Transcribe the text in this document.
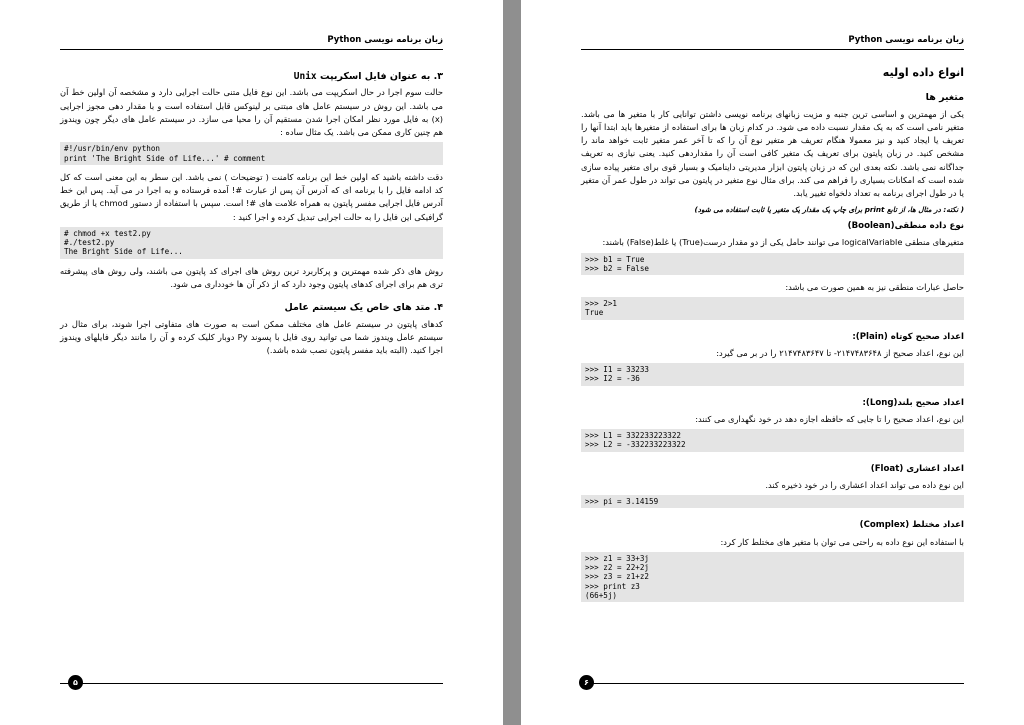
زبان برنامه نویسی Python
۳. به عنوان فایل اسکریپت Unix

حالت سوم اجرا در حال اسکریپت می باشد. این نوع فایل متنی حالت اجرایی دارد و مشخصه آن اولین خط آن می باشد. این روش در سیستم عامل های مبتنی بر لینوکس قابل استفاده است و با مقدار دهی مجوز اجرایی (x) به فایل مورد نظر امکان اجرا شدن مستقیم آن را محیا می سازد. در سیستم عامل های دیگر چون ویندوز هم چنین کاری ممکن می باشد. یک مثال ساده :

#!/usr/bin/env python
print 'The Bright Side of Life...' # comment

دقت داشته باشید که اولین خط این برنامه کامنت ( توضیحات ) نمی باشد. این سطر به این معنی است که کل کد ادامه فایل را با برنامه ای که آدرس آن پس از عبارت #! آمده فرستاده و به اجرا در می آید. پس این خط آدرس فایل اجرایی مفسر پایتون به همراه علامت های #! است. سپس با استفاده از دستور chmod یا از طریق گرافیکی این فایل را به حالت اجرایی تبدیل کرده و اجرا کنید :

# chmod +x test2.py
#./test2.py
The Bright Side of Life...

روش های ذکر شده مهمترین و پرکاربرد ترین روش های اجرای کد پایتون می باشند، ولی روش های پیشرفته تری هم برای اجرای کدهای پایتون وجود دارد که از ذکر آن ها خودداری می شود.

۴. متد های خاص یک سیستم عامل

کدهای پایتون در سیستم عامل های مختلف ممکن است به صورت های متفاوتی اجرا شوند، برای مثال در سیستم عامل ویندوز شما می توانید روی فایل با پسوند Py دوبار کلیک کرده و آن را مانند دیگر فایلهای ویندوز اجرا کنید. (البته باید مفسر پایتون نصب شده باشد.)

۵
زبان برنامه نویسی Python
انواع داده اولیه
متغیر ها

یکی از مهمترین و اساسی ترین جنبه و مزیت زبانهای برنامه نویسی داشتن توانایی کار با متغیر ها می باشد. متغیر نامی است که به یک مقدار نسبت داده می شود. در کدام زبان ها برای استفاده از متغیرها باید ابتدا آنها را تعریف یا ایجاد کنید و نیز معمولا هنگام تعریف هر متغیر نوع آن را که تا آخر عمر متغیر ثابت خواهد ماند را مشخص کنید. در زبان پایتون برای تعریف یک متغیر کافی است آن را مقداردهی کنید. یعنی نیازی به تعریف جداگانه نمی باشد. نکته بعدی این که در زبان پایتون ابزار مدیریتی داینامیک و بسیار قوی برای متغیر پیاده سازی شده است که امکانات بسیاری را فراهم می کند. برای مثال نوع متغیر در پایتون می تواند در طول عمر آن متغیر یا در طول اجرای برنامه به تعداد دلخواه تغییر یابد.

( نکته: در مثال ها، از تابع print برای چاپ یک مقدار یک متغیر یا ثابت استفاده می شود)
نوع داده منطقی(Boolean)

متغیرهای منطقی logicalVariable می توانند حامل یکی از دو مقدار درست(True) یا غلط(False) باشند:

>>> b1 = True
>>> b2 = False

حاصل عبارات منطقی نیز به همین صورت می باشد:

>>> 2>1
True
اعداد صحیح کوتاه (Plain):

این نوع، اعداد صحیح از ۲۱۴۷۴۸۳۶۴۸- تا ۲۱۴۷۴۸۳۶۴۷ را در بر می گیرد:

>>> I1 = 33233
>>> I2 = -36
اعداد صحیح بلند(Long):

این نوع، اعداد صحیح را تا جایی که حافظه اجازه دهد در خود نگهداری می کنند:

>>> L1 = 332233223322
>>> L2 = -332233223322
اعداد اعشاری (Float)

این نوع داده می تواند اعداد اعشاری را در خود ذخیره کند.

>>> pi = 3.14159
اعداد مختلط (Complex)

با استفاده این نوع داده به راحتی می توان با متغیر های مختلط کار کرد:

>>> z1 = 33+3j
>>> z2 = 22+2j
>>> z3 = z1+z2
>>> print z3
(66+5j)
۶
